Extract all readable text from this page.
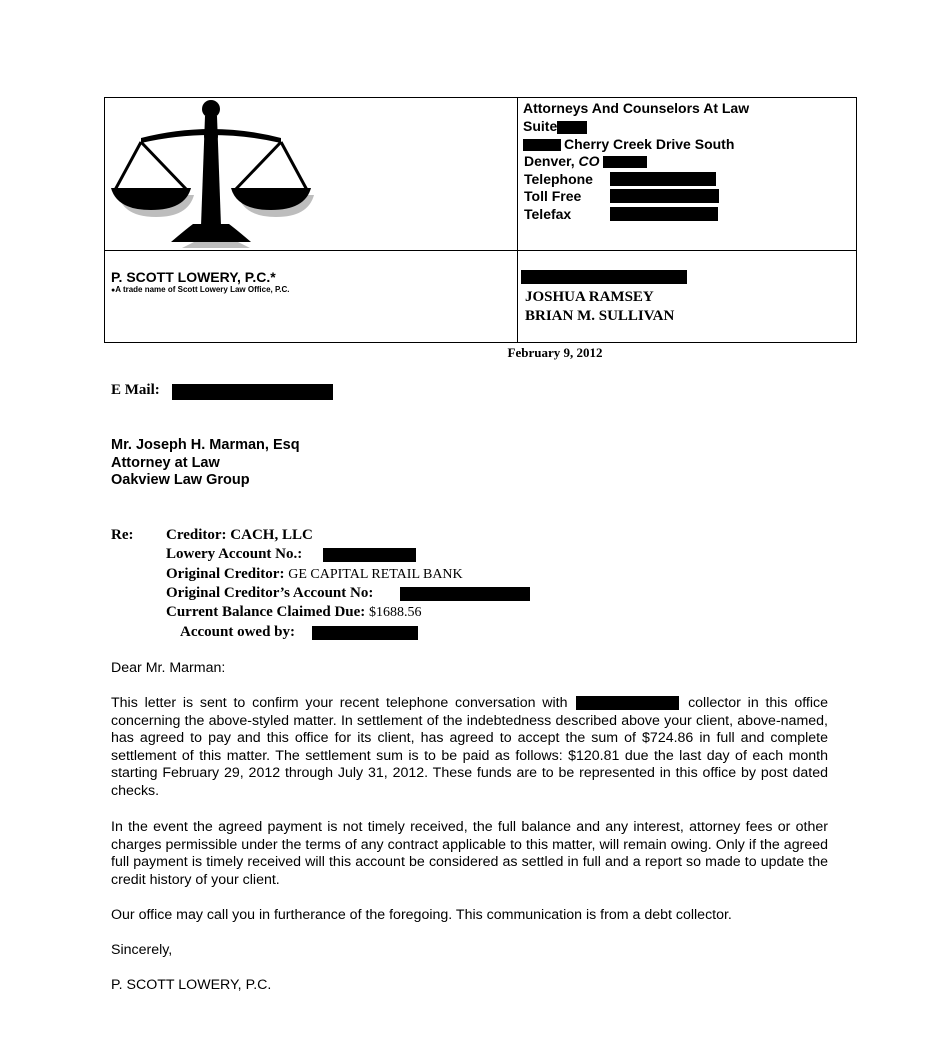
Attorneys And Counselors At Law
Suite
Cherry Creek Drive South
Denver, CO
Telephone
Toll Free
Telefax
P. SCOTT LOWERY, P.C.*
●A trade name of Scott Lowery Law Office, P.C.	JOSHUA RAMSEY
BRIAN M. SULLIVAN
February 9, 2012
E Mail:
Mr. Joseph H. Marman, Esq
Attorney at Law
Oakview Law Group
Re: Creditor: CACH, LLC
Lowery Account No.:
Original Creditor: GE CAPITAL RETAIL BANK
Original Creditor’s Account No:
Current Balance Claimed Due: $1688.56
Account owed by:
Dear Mr. Marman:
This letter is sent to confirm your recent telephone conversation with	collector in this office concerning the above-styled matter. In settlement of the indebtedness described above your client, above-named, has agreed to pay and this office for its client, has agreed to accept the sum of $724.86 in full and complete settlement of this matter. The settlement sum is to be paid as follows: $120.81 due the last day of each month starting February 29, 2012 through July 31, 2012. These funds are to be represented in this office by post dated checks.
In the event the agreed payment is not timely received, the full balance and any interest, attorney fees or other charges permissible under the terms of any contract applicable to this matter, will remain owing. Only if the agreed full payment is timely received will this account be considered as settled in full and a report so made to update the credit history of your client.
Our office may call you in furtherance of the foregoing. This communication is from a debt collector.
Sincerely,
P. SCOTT LOWERY, P.C.
